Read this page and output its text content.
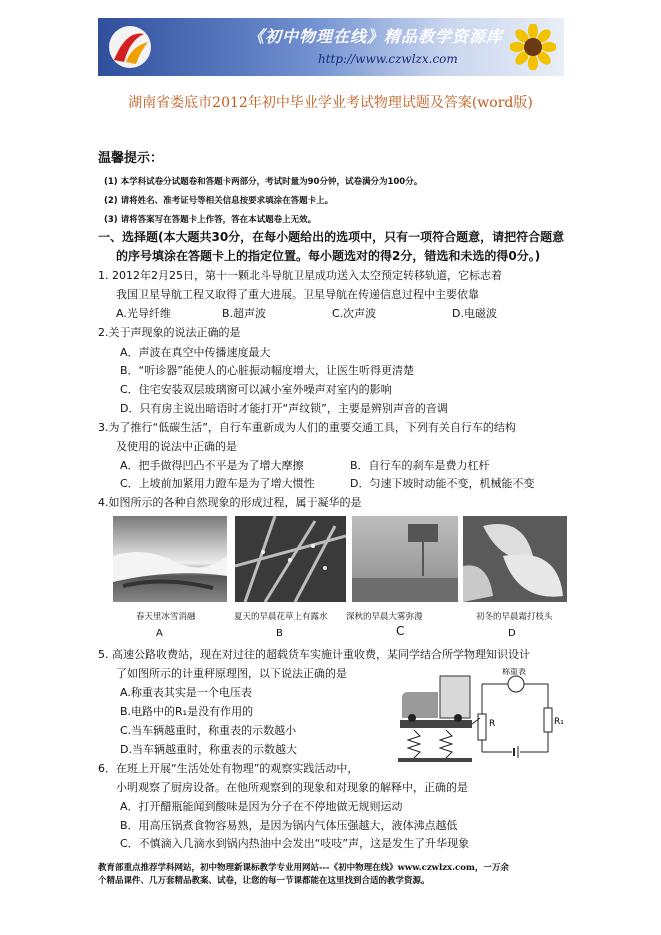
《初中物理在线》精品教学资源库
http://www.czwlzx.com
湖南省娄底市2012年初中毕业学业考试物理试题及答案(word版)
温馨提示：
(1) 本学科试卷分试题卷和答题卡两部分，考试时量为90分钟，试卷满分为100分。
(2) 请将姓名、准考证号等相关信息按要求填涂在答题卡上。
(3) 请将答案写在答题卡上作答，答在本试题卷上无效。
一、选择题(本大题共30分，在每小题给出的选项中，只有一项符合题意，请把符合题意
的序号填涂在答题卡上的指定位置。每小题选对的得2分，错选和未选的得0分。)
1. 2012年2月25日，第十一颗北斗导航卫星成功送入太空预定转移轨道，它标志着
我国卫星导航工程又取得了重大进展。卫星导航在传递信息过程中主要依靠
A.光导纤维	B.超声波	C.次声波	D.电磁波
2.关于声现象的说法正确的是
A．声波在真空中传播速度最大
B．“听诊器”能使人的心脏振动幅度增大，让医生听得更清楚
C．住宅安装双层玻璃窗可以减小室外噪声对室内的影响
D．只有房主说出暗语时才能打开“声纹锁”，主要是辨别声音的音调
3.为了推行“低碳生活”，自行车重新成为人们的重要交通工具，下列有关自行车的结构
及使用的说法中正确的是
A．把手做得凹凸不平是为了增大摩擦	B．自行车的刹车是费力杠杆
C．上坡前加紧用力蹬车是为了增大惯性	D．匀速下坡时动能不变，机械能不变
4.如图所示的各种自然现象的形成过程，属于凝华的是
春天里冰雪消融	夏天的早晨花草上有露水 深秋的早晨大雾弥漫	初冬的早晨霜打枝头
A	B	C	D
5. 高速公路收费站，现在对过往的超载货车实施计重收费，某同学结合所学物理知识设计
了如图所示的计重秤原理图，以下说法正确的是
A.称重表其实是一个电压表
B.电路中的R₁是没有作用的
C.当车辆越重时，称重表的示数越小
D.当车辆越重时，称重表的示数越大
R
称重表
R₁
6．在班上开展“生活处处有物理”的观察实践活动中，
小明观察了厨房设备。在他所观察到的现象和对现象的解释中，正确的是
A．打开醋瓶能闻到酸味是因为分子在不停地做无规则运动
B．用高压锅煮食物容易熟，是因为锅内气体压强越大，液体沸点越低
C．不慎滴入几滴水到锅内热油中会发出“吱吱”声，这是发生了升华现象
教育部重点推荐学科网站，初中物理新课标教学专业用网站---《初中物理在线》www.czwlzx.com，一万余
个精品课件、几万套精品教案、试卷，让您的每一节课都能在这里找到合适的教学资源。
